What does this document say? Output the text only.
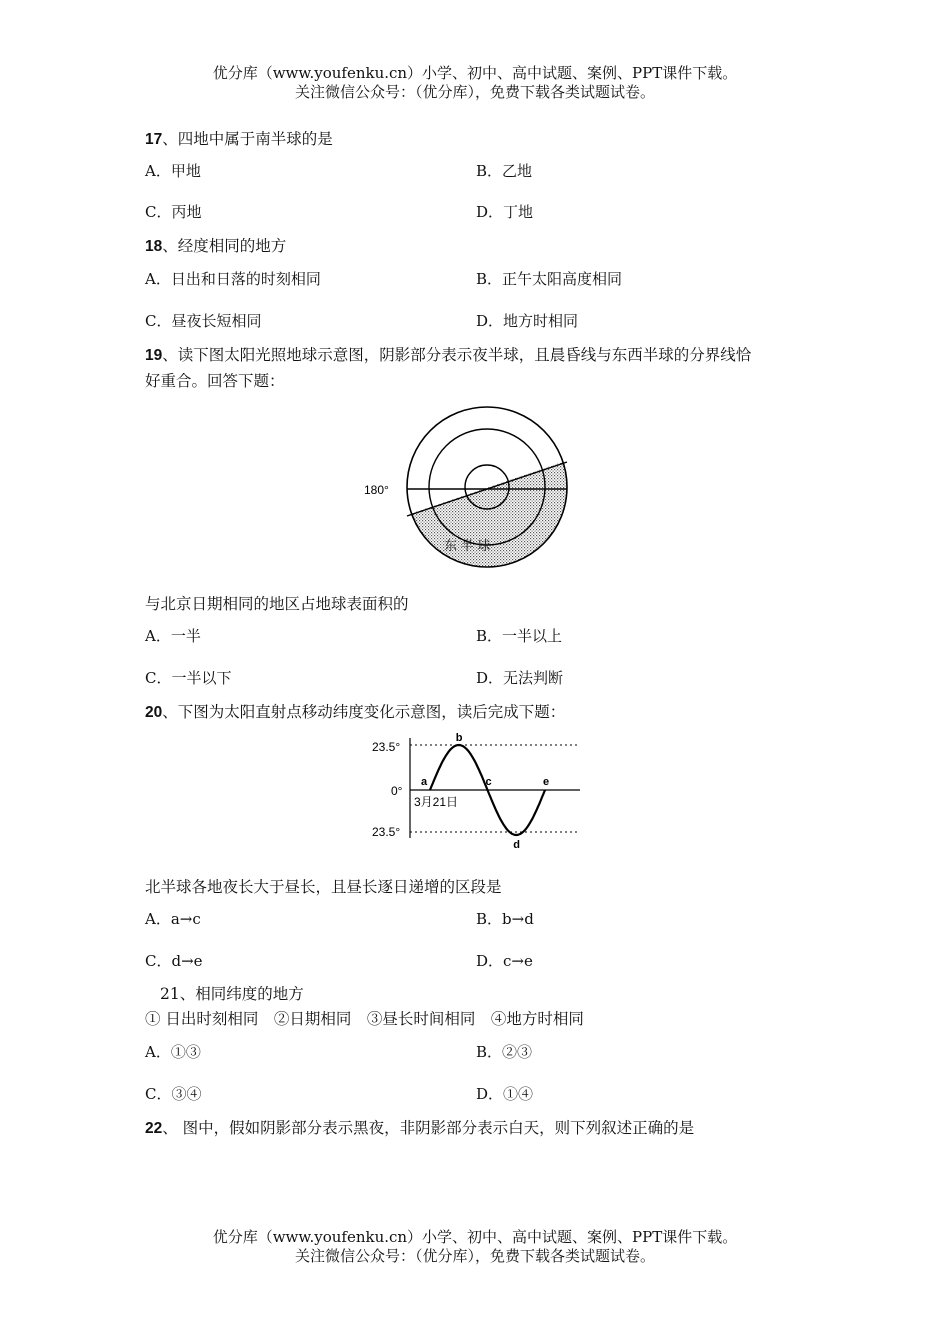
优分库（www.youfenku.cn）小学、初中、高中试题、案例、PPT课件下载。
关注微信公众号：（优分库），免费下载各类试题试卷。
17、四地中属于南半球的是
A．甲地	B．乙地
C．丙地	D．丁地
18、经度相同的地方
A．日出和日落的时刻相同	B．正午太阳高度相同
C．昼夜长短相同	D．地方时相同
19、读下图太阳光照地球示意图，阴影部分表示夜半球，且晨昏线与东西半球的分界线恰
好重合。回答下题：
180°
东 半 球
与北京日期相同的地区占地球表面积的
A．一半	B．一半以上
C．一半以下	D．无法判断
20、下图为太阳直射点移动纬度变化示意图，读后完成下题：
23.5°
0°
23.5°
3月21日
a
b
c
d
e
北半球各地夜长大于昼长，且昼长逐日递增的区段是
A．a→c	B．b→d
C．d→e	D．c→e
21、相同纬度的地方
① 日出时刻相同　②日期相同　③昼长时间相同　④地方时相同
A．①③	B．②③
C．③④	D．①④
22、 图中，假如阴影部分表示黑夜，非阴影部分表示白天，则下列叙述正确的是
优分库（www.youfenku.cn）小学、初中、高中试题、案例、PPT课件下载。
关注微信公众号：（优分库），免费下载各类试题试卷。
